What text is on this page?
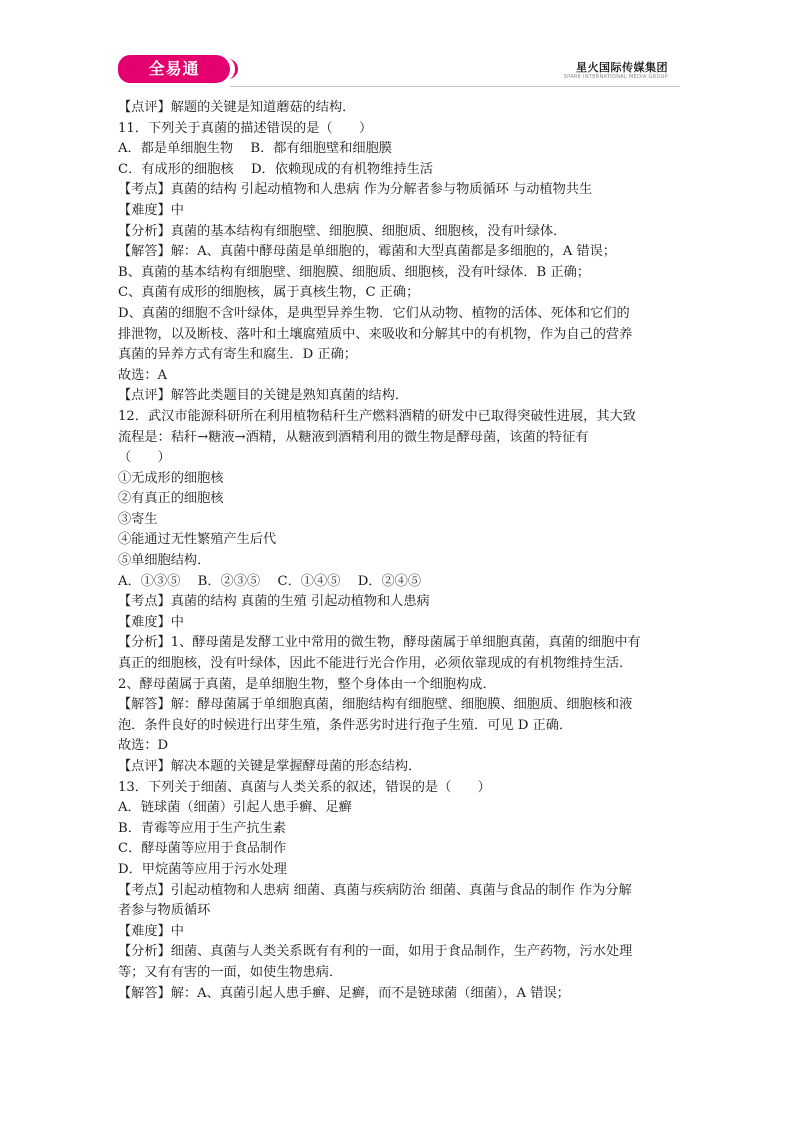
全易通	星火国际传媒集团
SPARK INTERNATIONAL MEDIA GROUP
【点评】解题的关键是知道蘑菇的结构．
11．下列关于真菌的描述错误的是（　　）
A．都是单细胞生物　 B．都有细胞壁和细胞膜
C．有成形的细胞核　 D．依赖现成的有机物维持生活
【考点】真菌的结构 引起动植物和人患病 作为分解者参与物质循环 与动植物共生
【难度】中
【分析】真菌的基本结构有细胞壁、细胞膜、细胞质、细胞核，没有叶绿体．
【解答】解：A、真菌中酵母菌是单细胞的，霉菌和大型真菌都是多细胞的，A 错误；
B、真菌的基本结构有细胞壁、细胞膜、细胞质、细胞核，没有叶绿体．B 正确；
C、真菌有成形的细胞核，属于真核生物，C 正确；
D、真菌的细胞不含叶绿体，是典型异养生物．它们从动物、植物的活体、死体和它们的
排泄物，以及断枝、落叶和土壤腐殖质中、来吸收和分解其中的有机物，作为自己的营养
真菌的异养方式有寄生和腐生．D 正确；
故选：A
【点评】解答此类题目的关键是熟知真菌的结构．
12．武汉市能源科研所在利用植物秸秆生产燃料酒精的研发中已取得突破性进展，其大致
流程是：秸秆→糖液→酒精，从糖液到酒精利用的微生物是酵母菌，该菌的特征有
（　　）
①无成形的细胞核
②有真正的细胞核
③寄生
④能通过无性繁殖产生后代
⑤单细胞结构．
A．①③⑤　 B．②③⑤　 C．①④⑤　 D．②④⑤
【考点】真菌的结构 真菌的生殖 引起动植物和人患病
【难度】中
【分析】1、酵母菌是发酵工业中常用的微生物，酵母菌属于单细胞真菌，真菌的细胞中有
真正的细胞核，没有叶绿体，因此不能进行光合作用，必须依靠现成的有机物维持生活．
2、酵母菌属于真菌，是单细胞生物，整个身体由一个细胞构成．
【解答】解：酵母菌属于单细胞真菌，细胞结构有细胞壁、细胞膜、细胞质、细胞核和液
泡．条件良好的时候进行出芽生殖，条件恶劣时进行孢子生殖．可见 D 正确．
故选：D
【点评】解决本题的关键是掌握酵母菌的形态结构．
13．下列关于细菌、真菌与人类关系的叙述，错误的是（　　）
A．链球菌（细菌）引起人患手癣、足癣
B．青霉等应用于生产抗生素
C．酵母菌等应用于食品制作
D．甲烷菌等应用于污水处理
【考点】引起动植物和人患病 细菌、真菌与疾病防治 细菌、真菌与食品的制作 作为分解
者参与物质循环
【难度】中
【分析】细菌、真菌与人类关系既有有利的一面，如用于食品制作，生产药物，污水处理
等；又有有害的一面，如使生物患病．
【解答】解：A、真菌引起人患手癣、足癣，而不是链球菌（细菌），A 错误；
